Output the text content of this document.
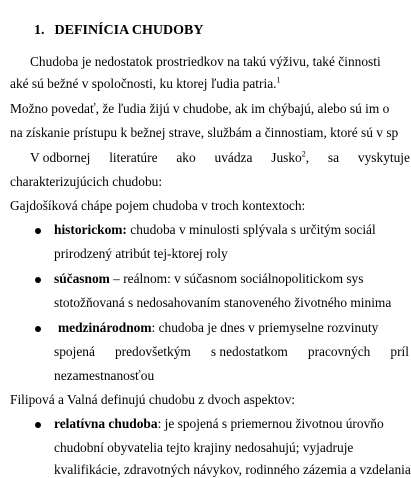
1. DEFINÍCIA CHUDOBY
Chudoba je nedostatok prostriedkov na takú výživu, také činnosti
aké sú bežné v spoločnosti, ku ktorej ľudia patria.$^1$
Možno povedať, že ľudia žijú v chudobe, ak im chýbajú, alebo sú im o
na získanie prístupu k bežnej strave, službám a činnostiam, ktoré sú v sp
V odbornej literatúre ako uvádza Jusko$^2$, sa vyskytuje
charakterizujúcich chudobu:
Gajdošíková chápe pojem chudoba v troch kontextoch:
historickom: chudoba v minulosti splývala s určitým sociál
prirodzený atribút tej-ktorej roly
súčasnom – reálnom: v súčasnom sociálnopolitickom sys
stotožňovaná s nedosahovaním stanoveného životného minima
medzinárodnom: chudoba je dnes v priemyselne rozvinuty
spojená predovšetkým s nedostatkom pracovných príl
nezamestnanosťou
Filipová a Valná definujú chudobu z dvoch aspektov:
relatívna chudoba: je spojená s priemernou životnou úrovňo
chudobní obyvatelia tejto krajiny nedosahujú; vyjadruje
kvalifikácie, zdravotných návykov, rodinného zázemia a vzdelania
